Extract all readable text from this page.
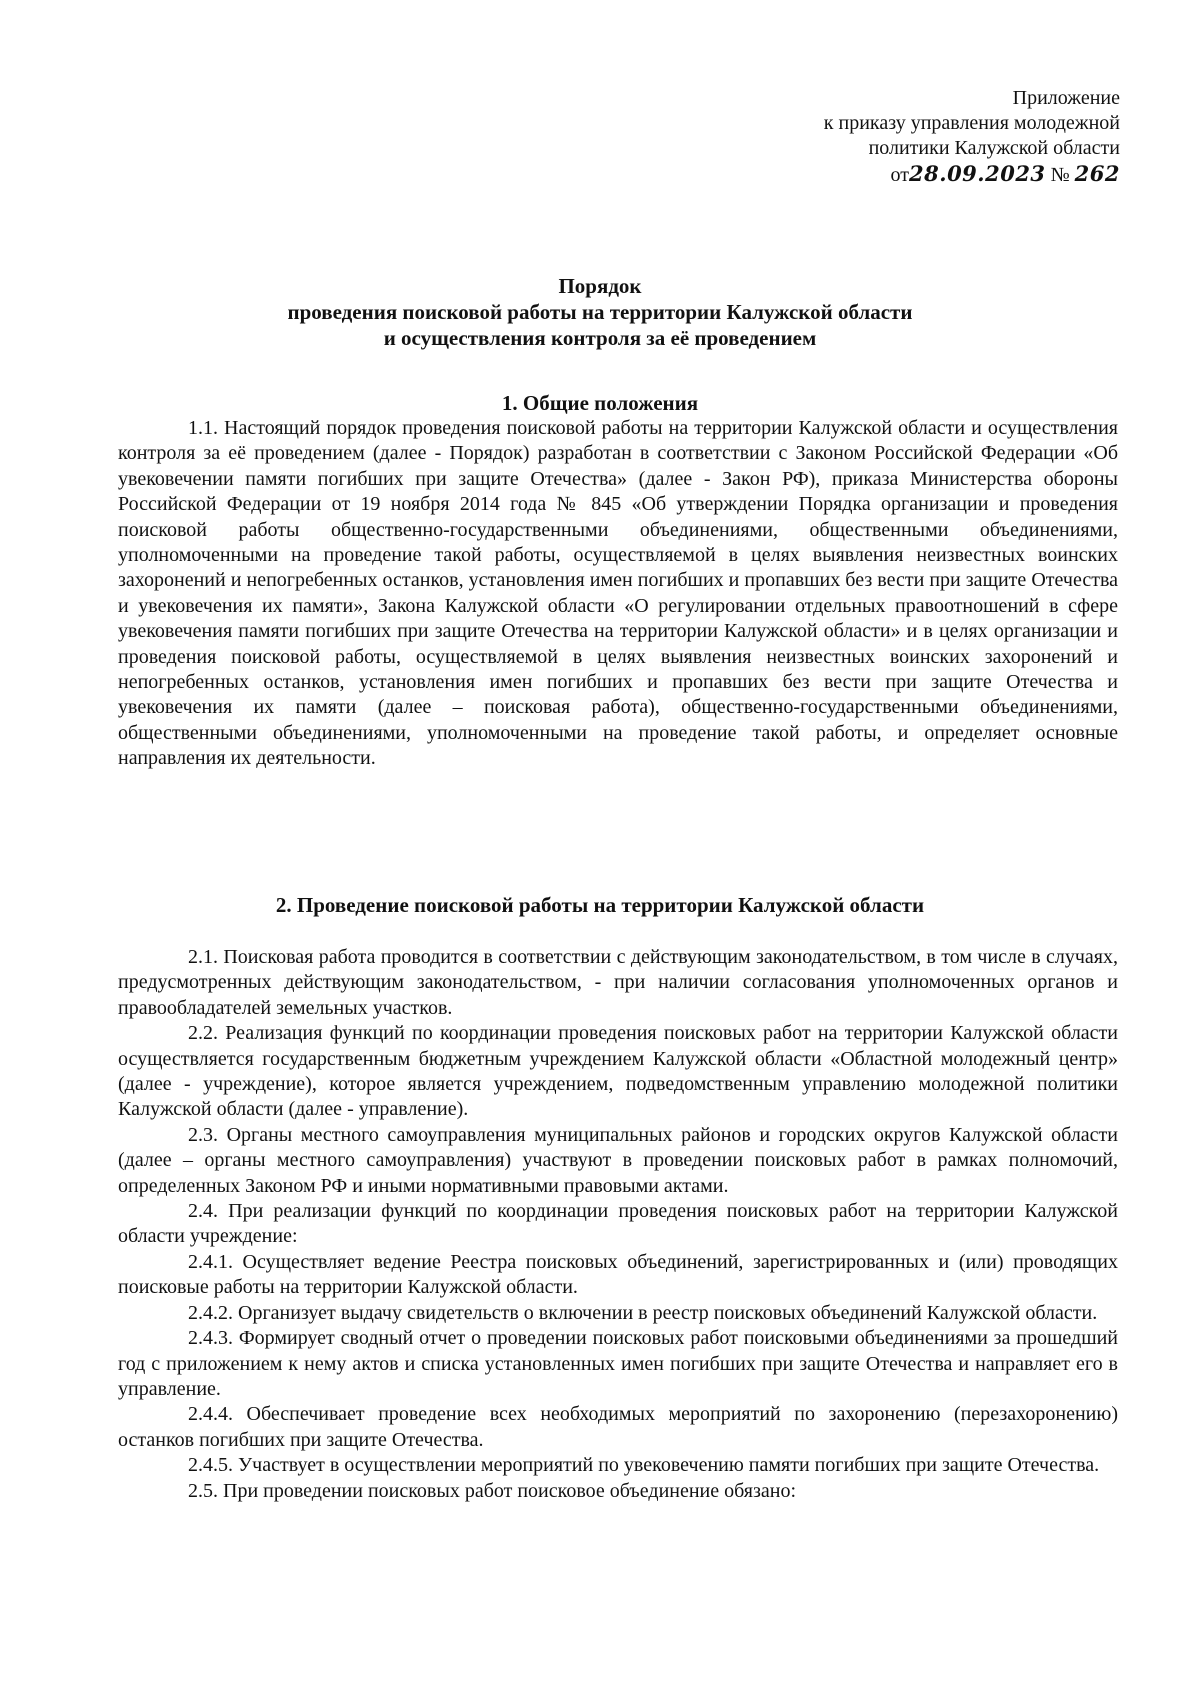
Приложение
к приказу управления молодежной
политики Калужской области
от28.09.2023 № 262
Порядок
проведения поисковой работы на территории Калужской области
и осуществления контроля за её проведением
1. Общие положения

1.1. Настоящий порядок проведения поисковой работы на территории Калужской области и осуществления контроля за её проведением (далее - Порядок) разработан в соответствии с Законом Российской Федерации «Об увековечении памяти погибших при защите Отечества» (далее - Закон РФ), приказа Министерства обороны Российской Федерации от 19 ноября 2014 года № 845 «Об утверждении Порядка организации и проведения поисковой работы общественно-государственными объединениями, общественными объединениями, уполномоченными на проведение такой работы, осуществляемой в целях выявления неизвестных воинских захоронений и непогребенных останков, установления имен погибших и пропавших без вести при защите Отечества и увековечения их памяти», Закона Калужской области «О регулировании отдельных правоотношений в сфере увековечения памяти погибших при защите Отечества на территории Калужской области» и в целях организации и проведения поисковой работы, осуществляемой в целях выявления неизвестных воинских захоронений и непогребенных останков, установления имен погибших и пропавших без вести при защите Отечества и увековечения их памяти (далее – поисковая работа), общественно-государственными объединениями, общественными объединениями, уполномоченными на проведение такой работы, и определяет основные направления их деятельности.

2. Проведение поисковой работы на территории Калужской области

2.1. Поисковая работа проводится в соответствии с действующим законодательством, в том числе в случаях, предусмотренных действующим законодательством, - при наличии согласования уполномоченных органов и правообладателей земельных участков.

2.2. Реализация функций по координации проведения поисковых работ на территории Калужской области осуществляется государственным бюджетным учреждением Калужской области «Областной молодежный центр» (далее - учреждение), которое является учреждением, подведомственным управлению молодежной политики Калужской области (далее - управление).

2.3. Органы местного самоуправления муниципальных районов и городских округов Калужской области (далее – органы местного самоуправления) участвуют в проведении поисковых работ в рамках полномочий, определенных Законом РФ и иными нормативными правовыми актами.

2.4. При реализации функций по координации проведения поисковых работ на территории Калужской области учреждение:

2.4.1. Осуществляет ведение Реестра поисковых объединений, зарегистрированных и (или) проводящих поисковые работы на территории Калужской области.

2.4.2. Организует выдачу свидетельств о включении в реестр поисковых объединений Калужской области.

2.4.3. Формирует сводный отчет о проведении поисковых работ поисковыми объединениями за прошедший год с приложением к нему актов и списка установленных имен погибших при защите Отечества и направляет его в управление.

2.4.4. Обеспечивает проведение всех необходимых мероприятий по захоронению (перезахоронению) останков погибших при защите Отечества.

2.4.5. Участвует в осуществлении мероприятий по увековечению памяти погибших при защите Отечества.

2.5. При проведении поисковых работ поисковое объединение обязано:
